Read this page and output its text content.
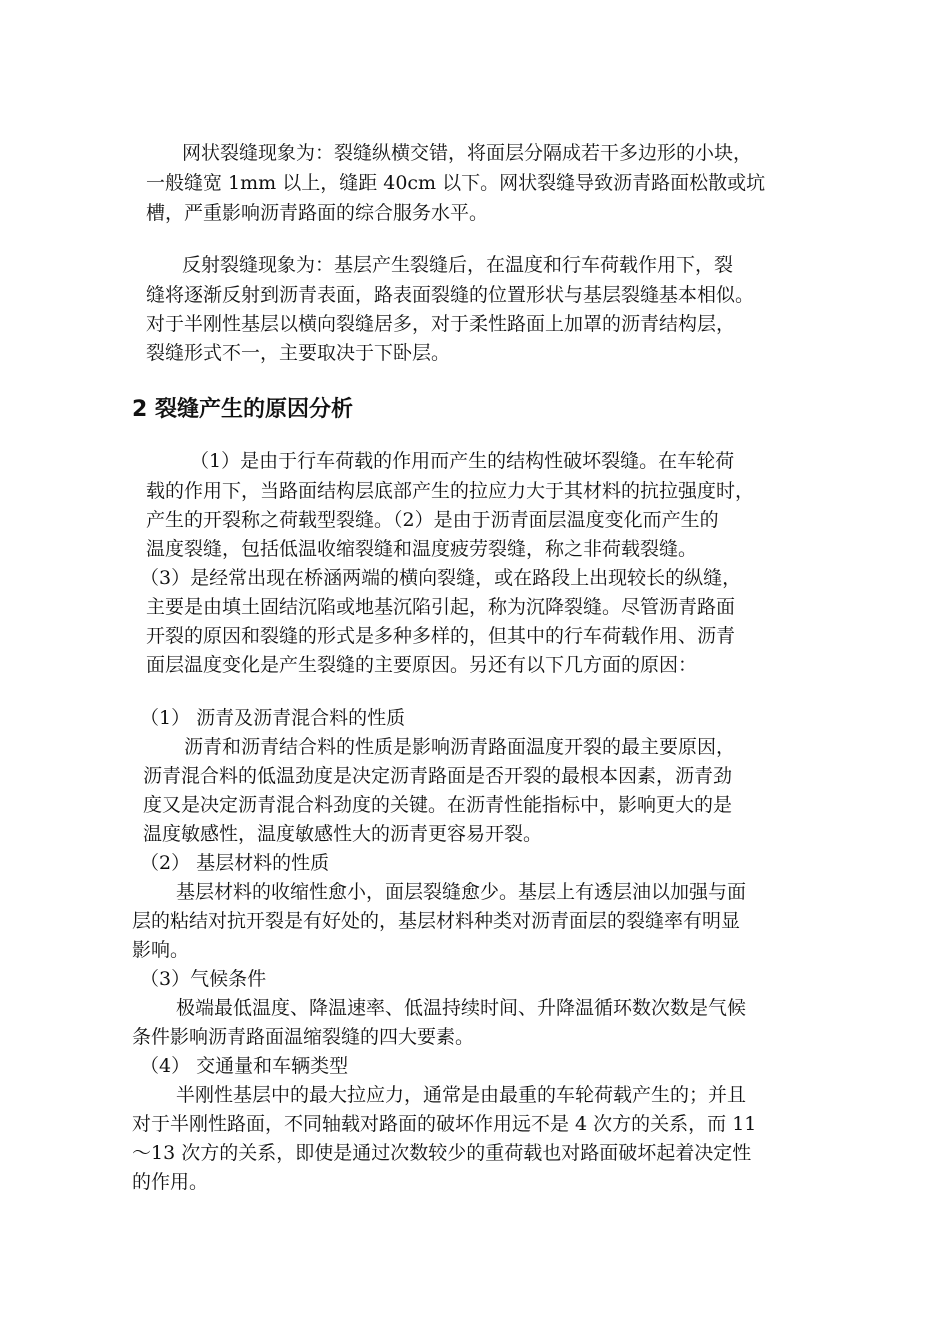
网状裂缝现象为：裂缝纵横交错，将面层分隔成若干多边形的小块，
一般缝宽 1mm 以上，缝距 40cm 以下。网状裂缝导致沥青路面松散或坑
槽，严重影响沥青路面的综合服务水平。
反射裂缝现象为：基层产生裂缝后，在温度和行车荷载作用下，裂
缝将逐渐反射到沥青表面，路表面裂缝的位置形状与基层裂缝基本相似。
对于半刚性基层以横向裂缝居多，对于柔性路面上加罩的沥青结构层，
裂缝形式不一，主要取决于下卧层。
2 裂缝产生的原因分析
（1）是由于行车荷载的作用而产生的结构性破坏裂缝。在车轮荷
载的作用下，当路面结构层底部产生的拉应力大于其材料的抗拉强度时，
产生的开裂称之荷载型裂缝。（2）是由于沥青面层温度变化而产生的
温度裂缝，包括低温收缩裂缝和温度疲劳裂缝，称之非荷载裂缝。
（3）是经常出现在桥涵两端的横向裂缝，或在路段上出现较长的纵缝，
主要是由填土固结沉陷或地基沉陷引起，称为沉降裂缝。尽管沥青路面
开裂的原因和裂缝的形式是多种多样的，但其中的行车荷载作用、沥青
面层温度变化是产生裂缝的主要原因。另还有以下几方面的原因：
（1） 沥青及沥青混合料的性质
沥青和沥青结合料的性质是影响沥青路面温度开裂的最主要原因，
沥青混合料的低温劲度是决定沥青路面是否开裂的最根本因素，沥青劲
度又是决定沥青混合料劲度的关键。在沥青性能指标中，影响更大的是
温度敏感性，温度敏感性大的沥青更容易开裂。
（2） 基层材料的性质
基层材料的收缩性愈小，面层裂缝愈少。基层上有透层油以加强与面
层的粘结对抗开裂是有好处的，基层材料种类对沥青面层的裂缝率有明显
影响。
（3）气候条件
极端最低温度、降温速率、低温持续时间、升降温循环数次数是气候
条件影响沥青路面温缩裂缝的四大要素。
（4） 交通量和车辆类型
半刚性基层中的最大拉应力，通常是由最重的车轮荷载产生的；并且
对于半刚性路面，不同轴载对路面的破坏作用远不是 4 次方的关系，而 11
～13 次方的关系，即使是通过次数较少的重荷载也对路面破坏起着决定性
的作用。
